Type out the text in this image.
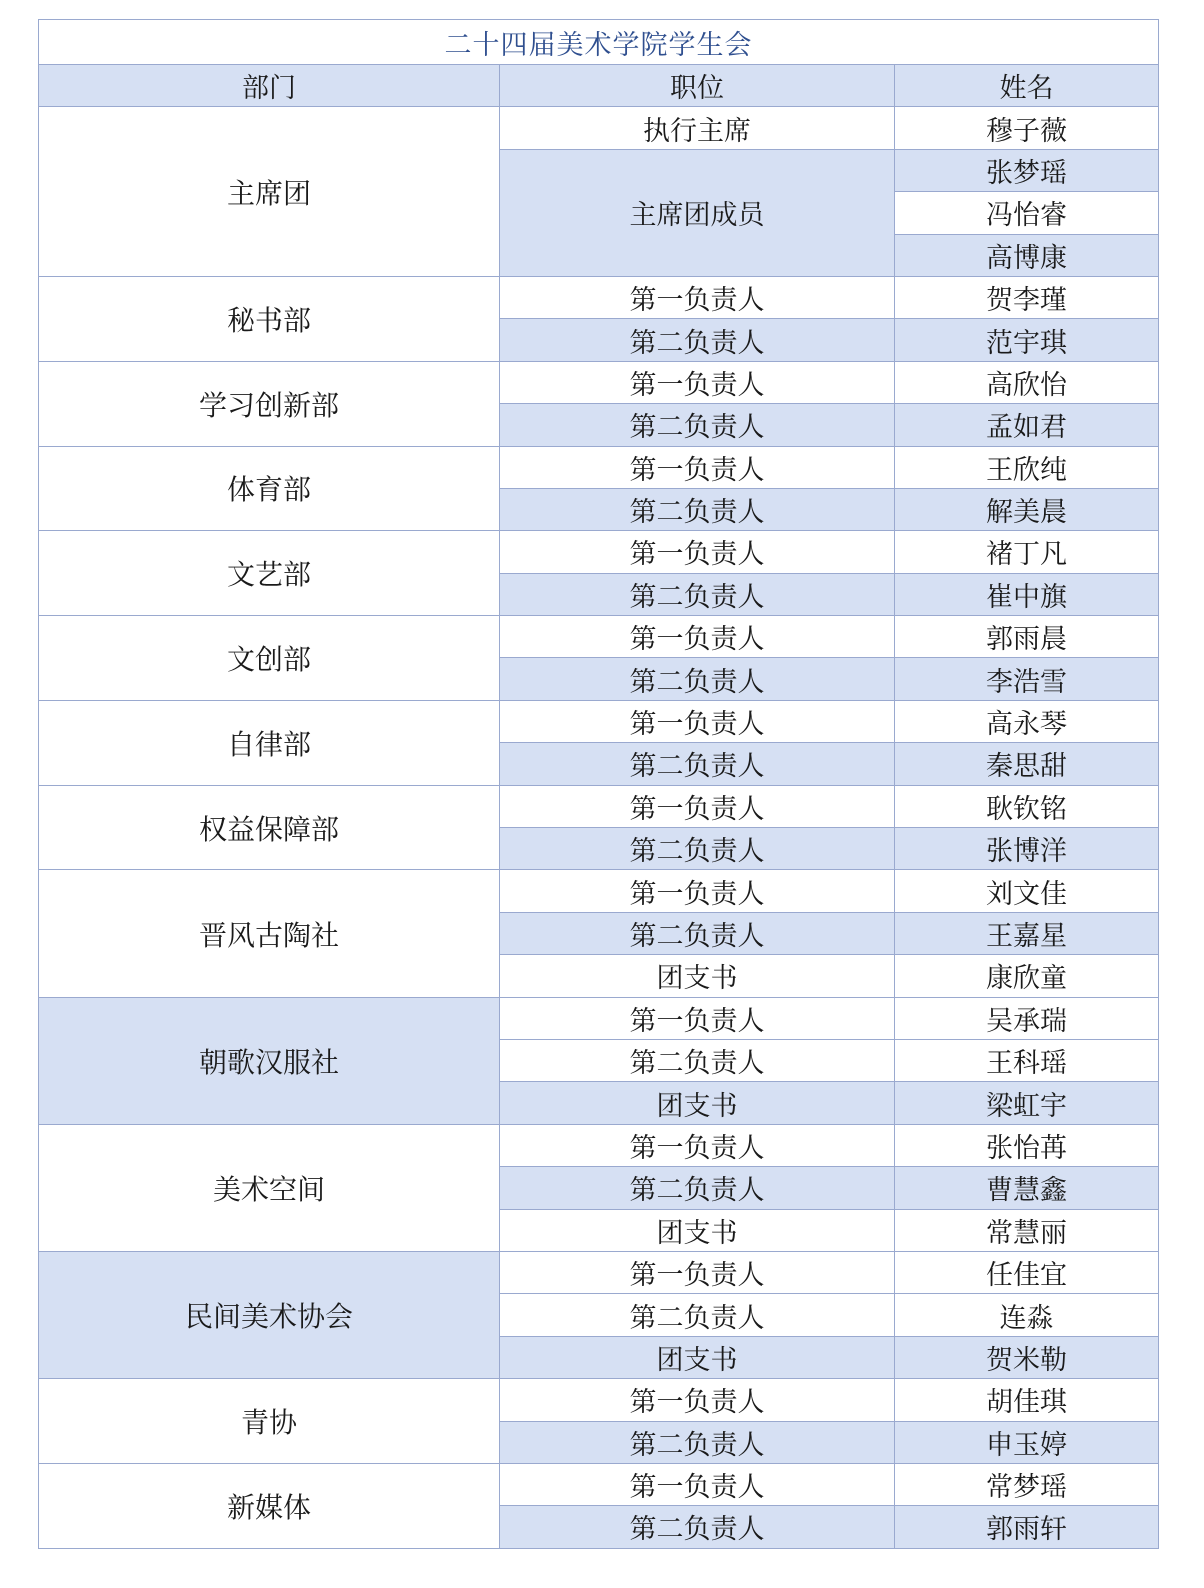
二十四届美术学院学生会		
部门	职位	姓名
主席团	执行主席	穆子薇
	主席团成员	张梦瑶
		冯怡睿
		高博康
秘书部	第一负责人	贺李瑾
	第二负责人	范宇琪
学习创新部	第一负责人	高欣怡
	第二负责人	孟如君
体育部	第一负责人	王欣纯
	第二负责人	解美晨
文艺部	第一负责人	褚丁凡
	第二负责人	崔中旗
文创部	第一负责人	郭雨晨
	第二负责人	李浩雪
自律部	第一负责人	高永琴
	第二负责人	秦思甜
权益保障部	第一负责人	耿钦铭
	第二负责人	张博洋
晋风古陶社	第一负责人	刘文佳
	第二负责人	王嘉星
	团支书	康欣童
朝歌汉服社	第一负责人	吴承瑞
	第二负责人	王科瑶
	团支书	梁虹宇
美术空间	第一负责人	张怡苒
	第二负责人	曹慧鑫
	团支书	常慧丽
民间美术协会	第一负责人	任佳宜
	第二负责人	连淼
	团支书	贺米勒
青协	第一负责人	胡佳琪
	第二负责人	申玉婷
新媒体	第一负责人	常梦瑶
	第二负责人	郭雨轩
